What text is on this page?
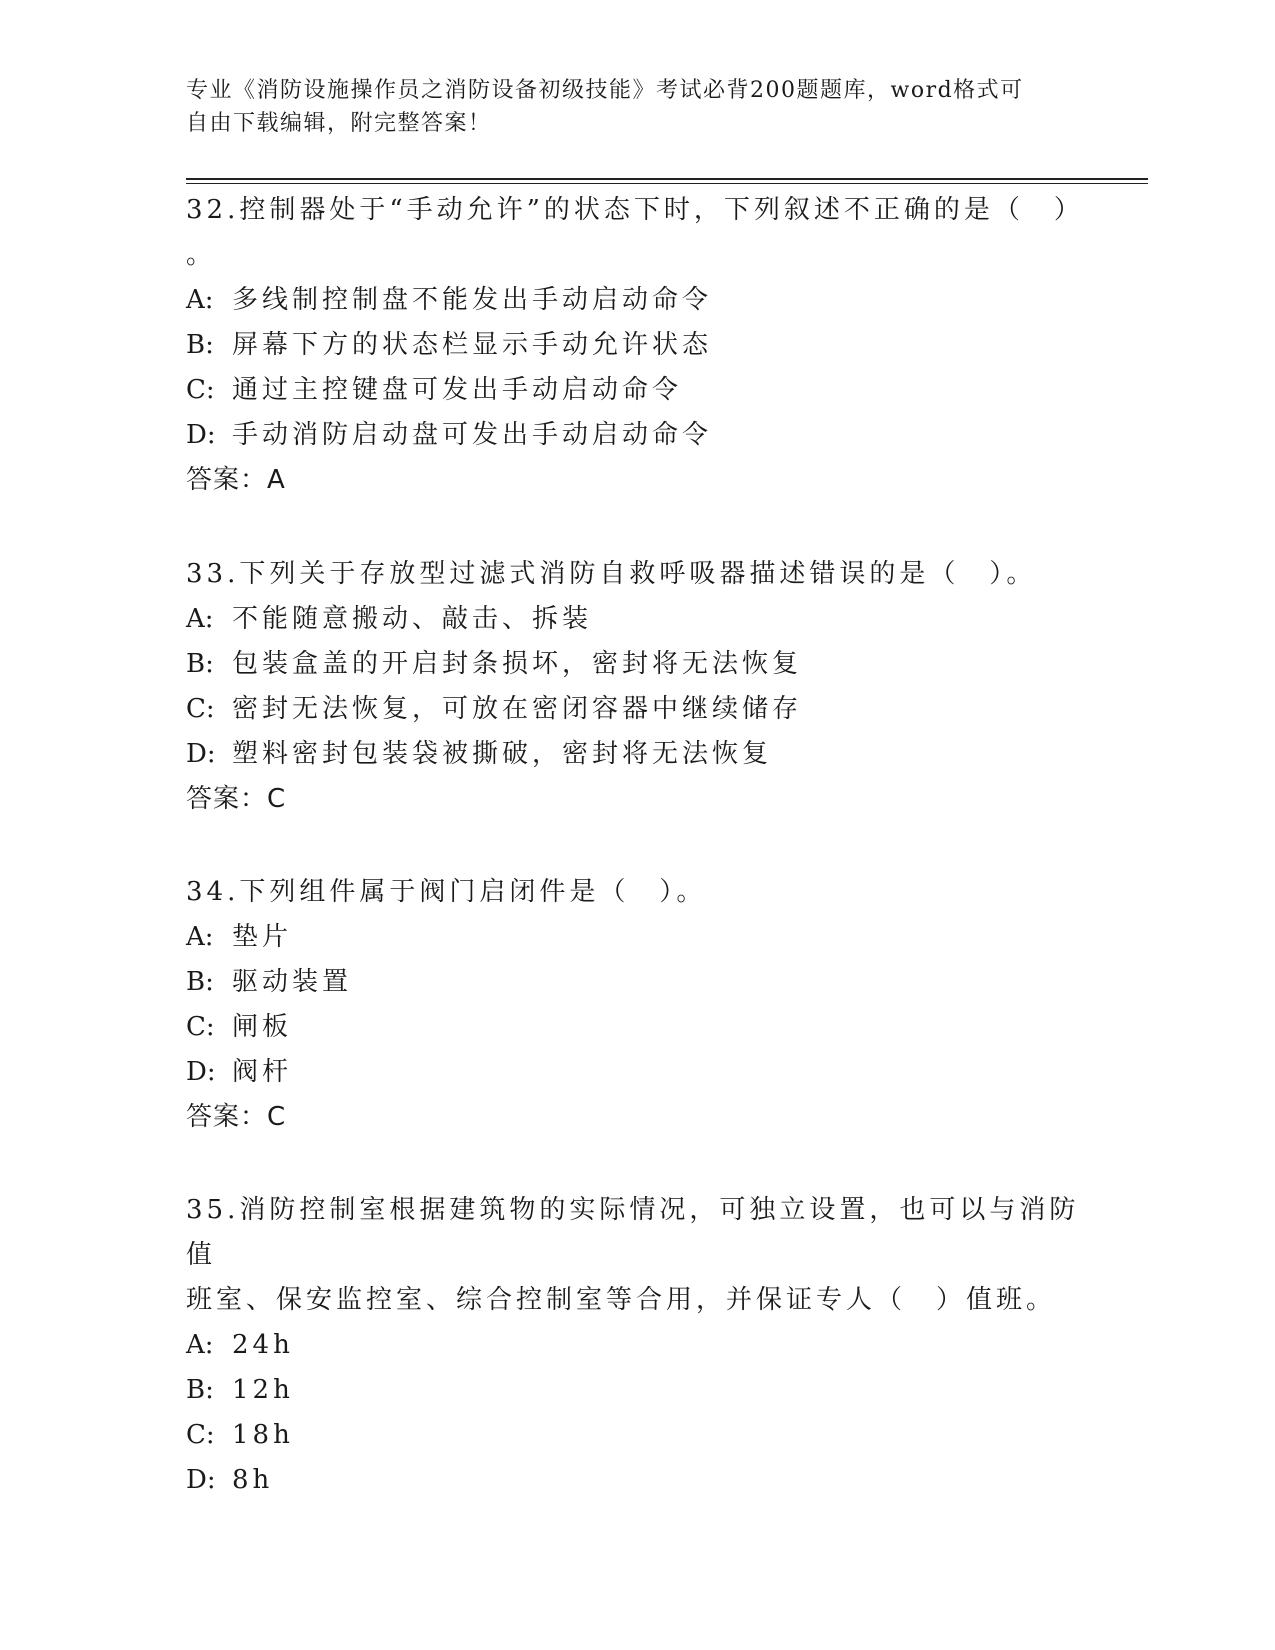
专业《消防设施操作员之消防设备初级技能》考试必背200题题库，word格式可
自由下载编辑，附完整答案！
32.控制器处于“手动允许”的状态下时，下列叙述不正确的是（　）
。
A: 多线制控制盘不能发出手动启动命令
B: 屏幕下方的状态栏显示手动允许状态
C: 通过主控键盘可发出手动启动命令
D: 手动消防启动盘可发出手动启动命令
答案：A
33.下列关于存放型过滤式消防自救呼吸器描述错误的是（　）。
A: 不能随意搬动、敲击、拆装
B: 包装盒盖的开启封条损坏，密封将无法恢复
C: 密封无法恢复，可放在密闭容器中继续储存
D: 塑料密封包装袋被撕破，密封将无法恢复
答案：C
34.下列组件属于阀门启闭件是（　）。
A: 垫片
B: 驱动装置
C: 闸板
D: 阀杆
答案：C
35.消防控制室根据建筑物的实际情况，可独立设置，也可以与消防值
班室、保安监控室、综合控制室等合用，并保证专人（　）值班。
A: 24h
B: 12h
C: 18h
D: 8h
